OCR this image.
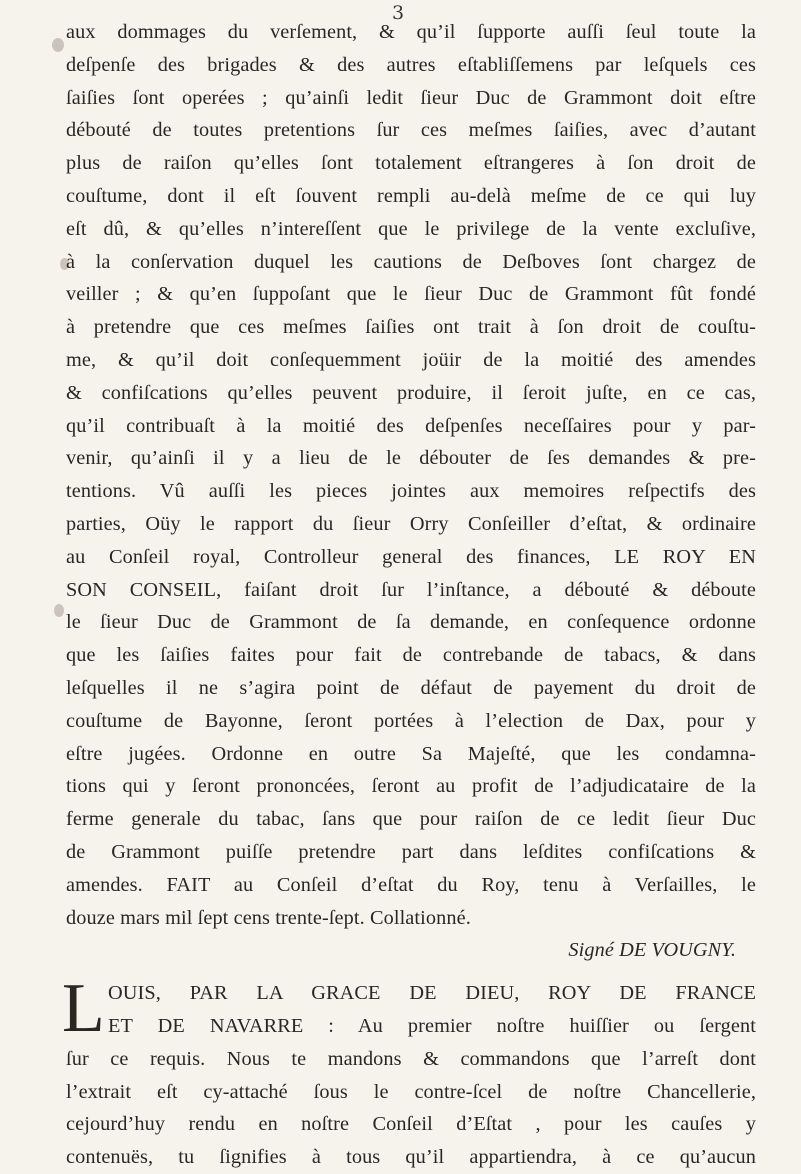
3
aux dommages du verſement, & qu’il ſupporte auſſi ſeul toute la
deſpenſe des brigades & des autres eſtabliſſemens par leſquels ces
ſaiſies ſont operées ; qu’ainſi ledit ſieur Duc de Grammont doit eſtre
débouté de toutes pretentions ſur ces meſmes ſaiſies, avec d’autant
plus de raiſon qu’elles ſont totalement eſtrangeres à ſon droit de
couſtume, dont il eſt ſouvent rempli au-delà meſme de ce qui luy
eſt dû, & qu’elles n’intereſſent que le privilege de la vente excluſive,
à la conſervation duquel les cautions de Deſboves ſont chargez de
veiller ; & qu’en ſuppoſant que le ſieur Duc de Grammont fût fondé
à pretendre que ces meſmes ſaiſies ont trait à ſon droit de couſtu-
me, & qu’il doit conſequemment joüir de la moitié des amendes
& confiſcations qu’elles peuvent produire, il ſeroit juſte, en ce cas,
qu’il contribuaſt à la moitié des deſpenſes neceſſaires pour y par-
venir, qu’ainſi il y a lieu de le débouter de ſes demandes & pre-
tentions. Vû auſſi les pieces jointes aux memoires reſpectifs des
parties, Oüy le rapport du ſieur Orry Conſeiller d’eſtat, & ordinaire
au Conſeil royal, Controlleur general des finances, LE ROY EN
SON CONSEIL, faiſant droit ſur l’inſtance, a débouté & déboute
le ſieur Duc de Grammont de ſa demande, en conſequence ordonne
que les ſaiſies faites pour fait de contrebande de tabacs, & dans
leſquelles il ne s’agira point de défaut de payement du droit de
couſtume de Bayonne, ſeront portées à l’election de Dax, pour y
eſtre jugées. Ordonne en outre Sa Majeſté, que les condamna-
tions qui y ſeront prononcées, ſeront au profit de l’adjudicataire de la
ferme generale du tabac, ſans que pour raiſon de ce ledit ſieur Duc
de Grammont puiſſe pretendre part dans leſdites confiſcations &
amendes. FAIT au Conſeil d’eſtat du Roy, tenu à Verſailles, le
douze mars mil ſept cens trente-ſept. Collationné.
Signé DE VOUGNY.
L OUIS, PAR LA GRACE DE DIEU, ROY DE FRANCE
ET DE NAVARRE : Au premier noſtre huiſſier ou ſergent
ſur ce requis. Nous te mandons & commandons que l’arreſt dont
l’extrait eſt cy-attaché ſous le contre-ſcel de noſtre Chancellerie,
cejourd’huy rendu en noſtre Conſeil d’Eſtat , pour les cauſes y
contenuës, tu ſignifies à tous qu’il appartiendra, à ce qu’aucun
